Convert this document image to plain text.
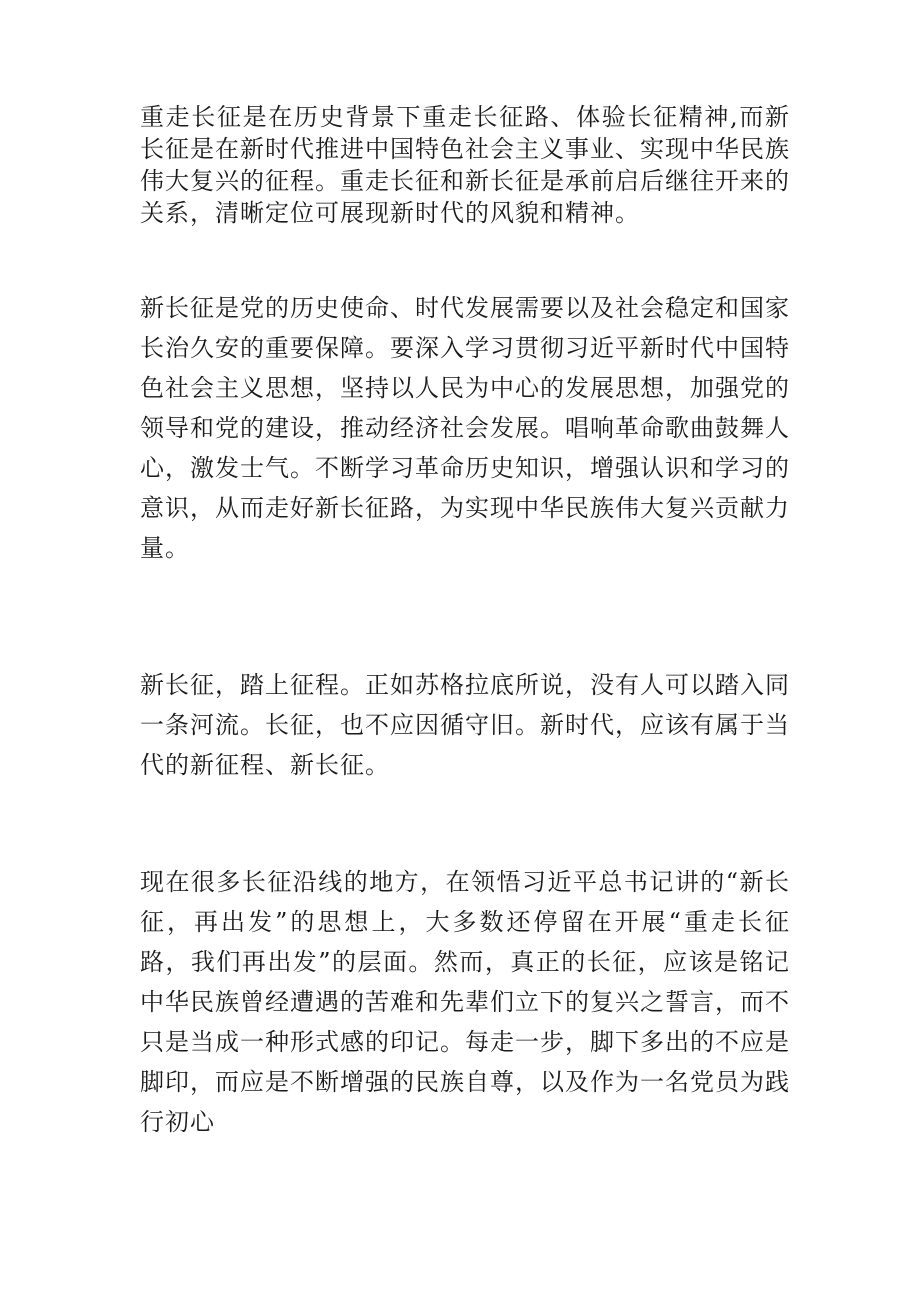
重走长征是在历史背景下重走长征路、体验长征精神,而新长征是在新时代推进中国特色社会主义事业、实现中华民族伟大复兴的征程。重走长征和新长征是承前启后继往开来的关系，清晰定位可展现新时代的风貌和精神。

新长征是党的历史使命、时代发展需要以及社会稳定和国家长治久安的重要保障。要深入学习贯彻习近平新时代中国特色社会主义思想，坚持以人民为中心的发展思想，加强党的领导和党的建设，推动经济社会发展。唱响革命歌曲鼓舞人心，激发士气。不断学习革命历史知识，增强认识和学习的意识，从而走好新长征路，为实现中华民族伟大复兴贡献力量。

新长征，踏上征程。正如苏格拉底所说，没有人可以踏入同一条河流。长征，也不应因循守旧。新时代，应该有属于当代的新征程、新长征。

现在很多长征沿线的地方，在领悟习近平总书记讲的“新长征，再出发”的思想上，大多数还停留在开展“重走长征路，我们再出发”的层面。然而，真正的长征，应该是铭记中华民族曾经遭遇的苦难和先辈们立下的复兴之誓言，而不只是当成一种形式感的印记。每走一步，脚下多出的不应是脚印，而应是不断增强的民族自尊，以及作为一名党员为践行初心
